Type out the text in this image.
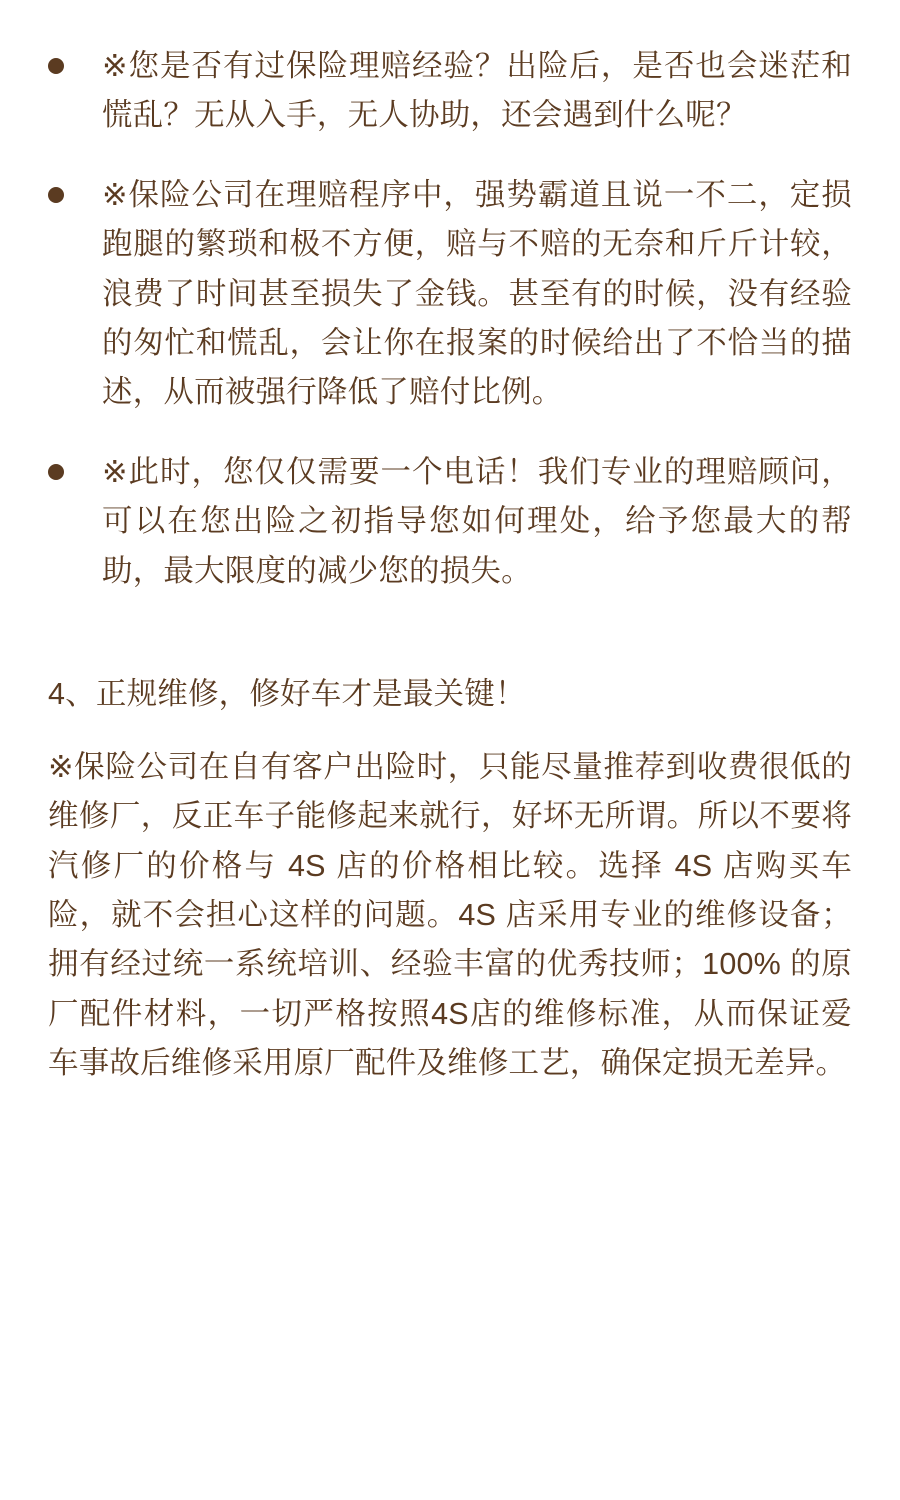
※您是否有过保险理赔经验？出险后，是否也会迷茫和慌乱？无从入手，无人协助，还会遇到什么呢？
※保险公司在理赔程序中，强势霸道且说一不二，定损跑腿的繁琐和极不方便，赔与不赔的无奈和斤斤计较，浪费了时间甚至损失了金钱。甚至有的时候，没有经验的匆忙和慌乱，会让你在报案的时候给出了不恰当的描述，从而被强行降低了赔付比例。
※此时，您仅仅需要一个电话！我们专业的理赔顾问，可以在您出险之初指导您如何理处，给予您最大的帮助，最大限度的减少您的损失。
4、正规维修，修好车才是最关键！

※保险公司在自有客户出险时，只能尽量推荐到收费很低的维修厂，反正车子能修起来就行，好坏无所谓。所以不要将汽修厂的价格与 4S 店的价格相比较。选择 4S 店购买车险，就不会担心这样的问题。4S 店采用专业的维修设备；拥有经过统一系统培训、经验丰富的优秀技师；100% 的原厂配件材料，一切严格按照4S店的维修标准，从而保证爱车事故后维修采用原厂配件及维修工艺，确保定损无差异。
